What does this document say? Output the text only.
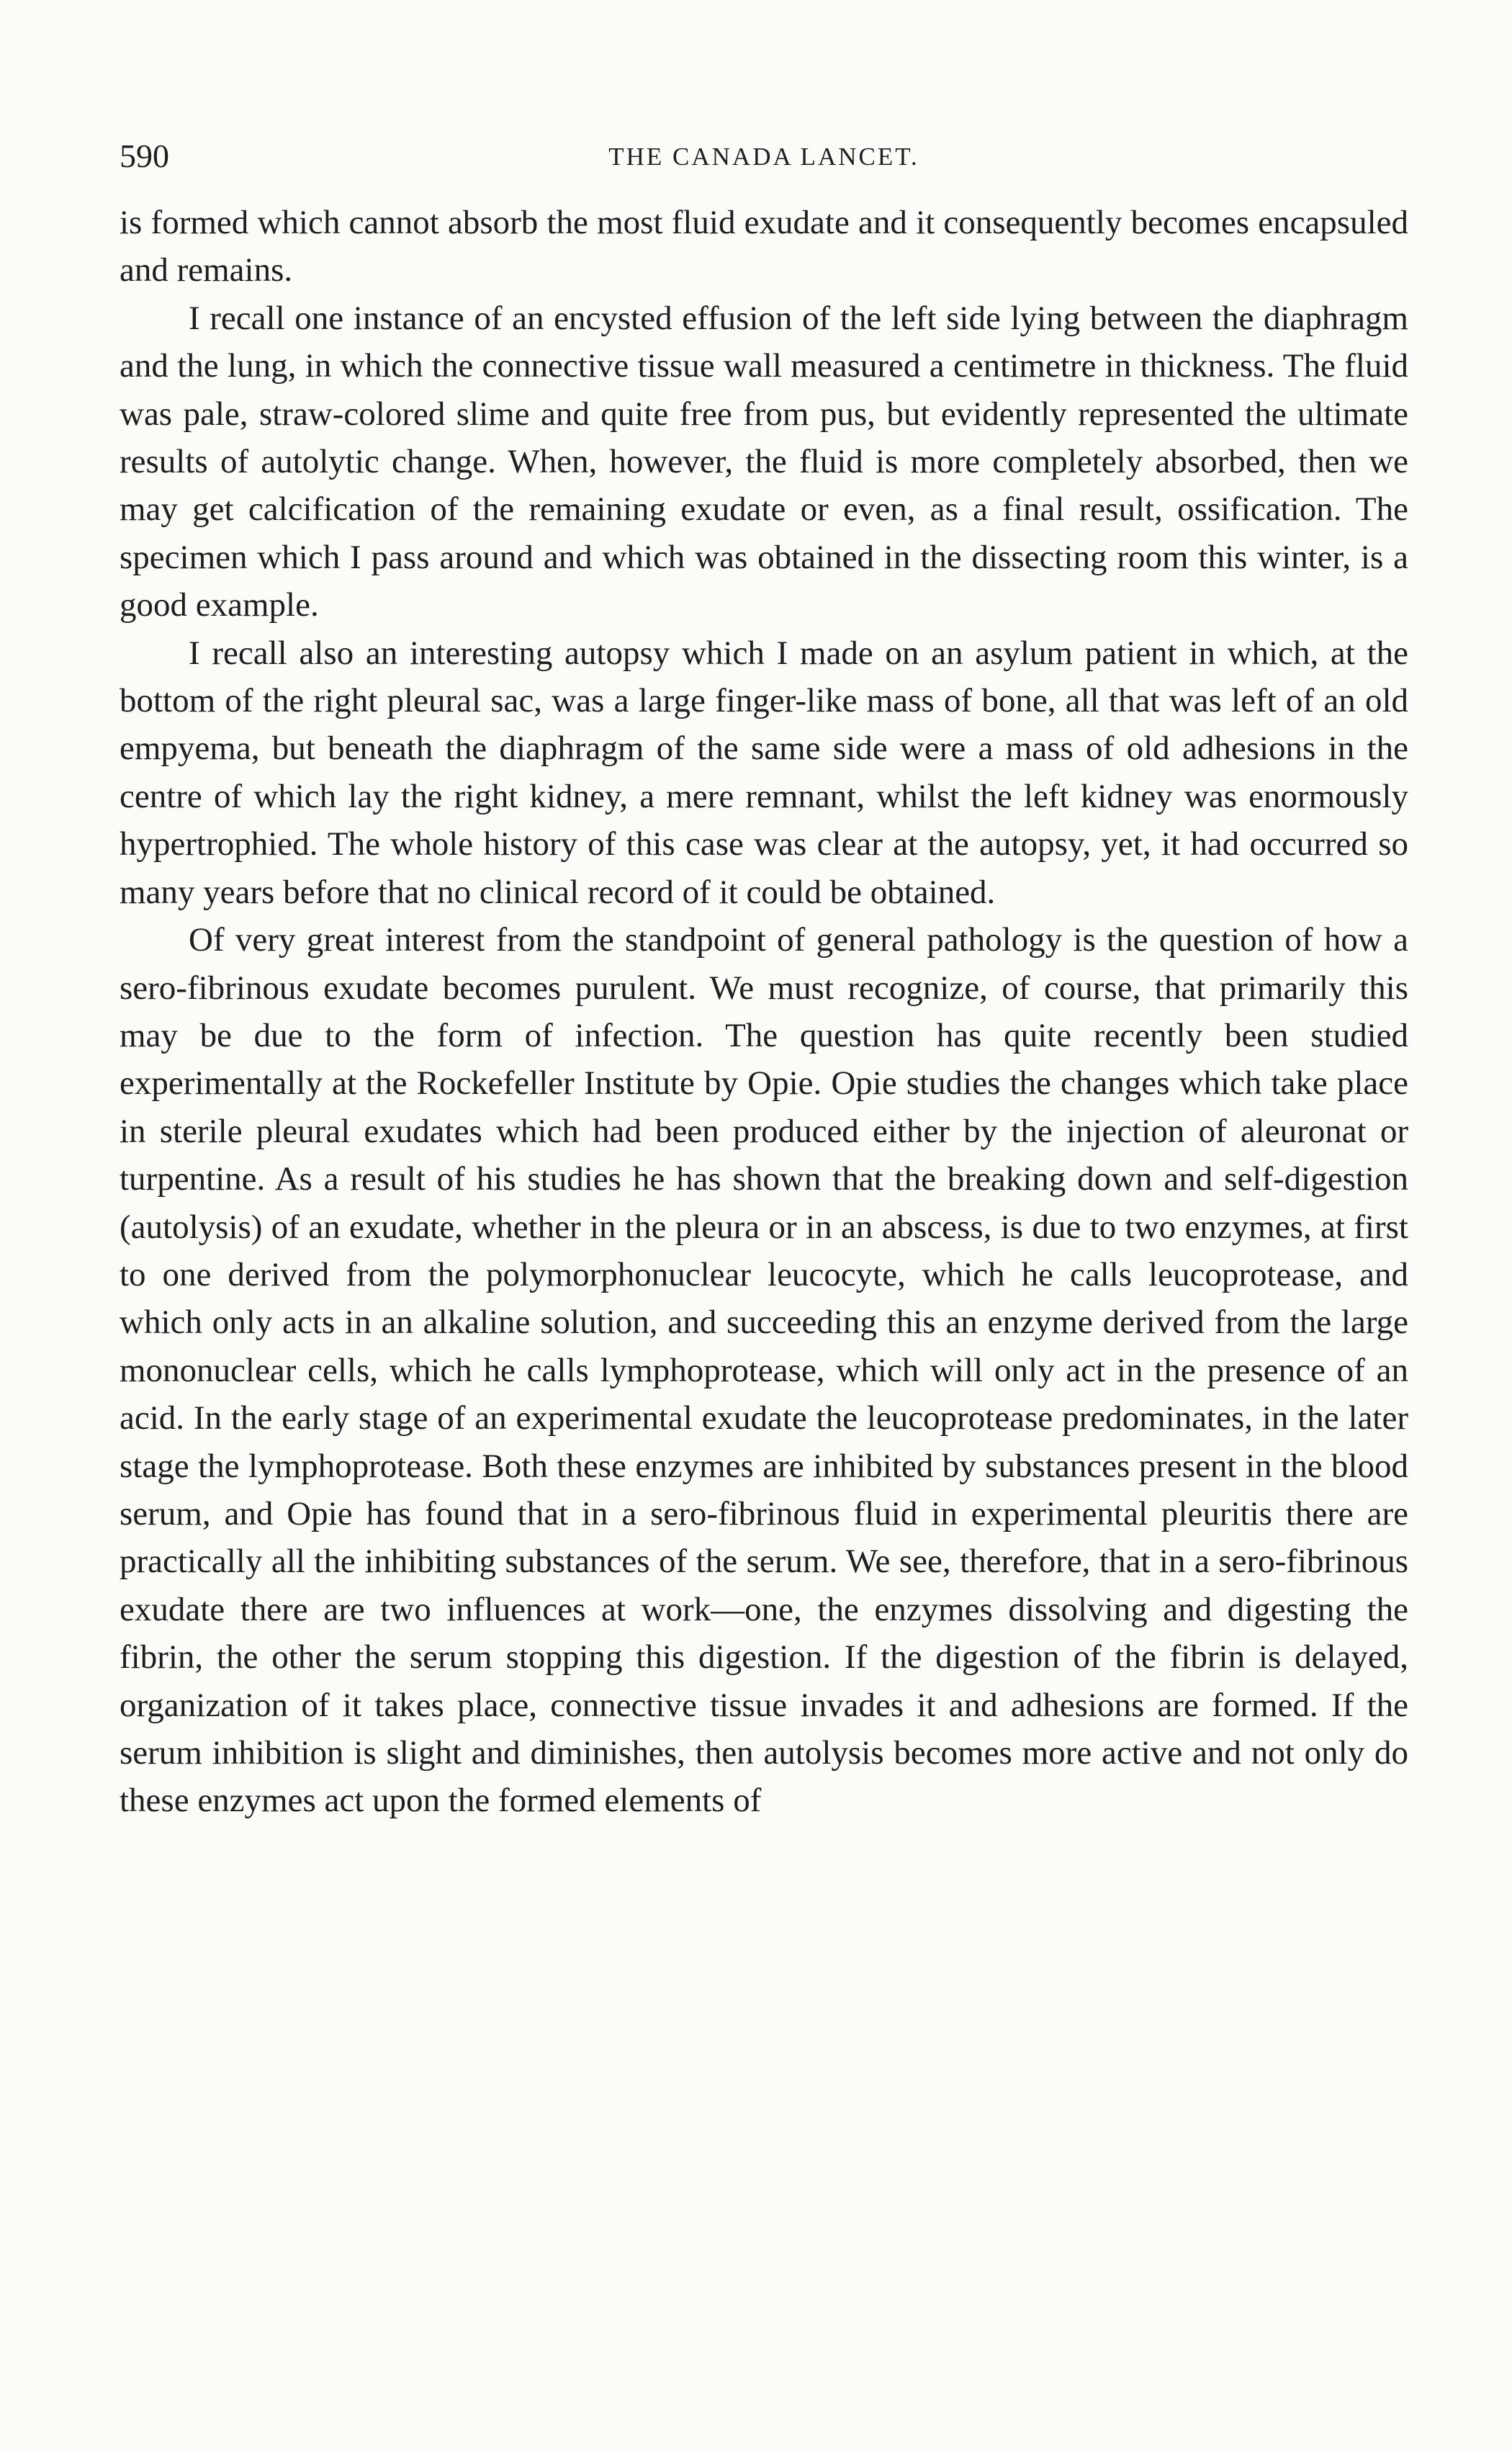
590	THE CANADA LANCET.

is formed which cannot absorb the most fluid exudate and it consequently becomes encapsuled and remains.

I recall one instance of an encysted effusion of the left side lying between the diaphragm and the lung, in which the connective tissue wall measured a centimetre in thickness. The fluid was pale, straw-colored slime and quite free from pus, but evidently represented the ultimate results of autolytic change. When, however, the fluid is more completely absorbed, then we may get calcification of the remaining exudate or even, as a final result, ossification. The specimen which I pass around and which was obtained in the dissecting room this winter, is a good example.

I recall also an interesting autopsy which I made on an asylum patient in which, at the bottom of the right pleural sac, was a large finger-like mass of bone, all that was left of an old empyema, but beneath the diaphragm of the same side were a mass of old adhesions in the centre of which lay the right kidney, a mere remnant, whilst the left kidney was enormously hypertrophied. The whole history of this case was clear at the autopsy, yet, it had occurred so many years before that no clinical record of it could be obtained.

Of very great interest from the standpoint of general pathology is the question of how a sero-fibrinous exudate becomes purulent. We must recognize, of course, that primarily this may be due to the form of infection. The question has quite recently been studied experimentally at the Rockefeller Institute by Opie. Opie studies the changes which take place in sterile pleural exudates which had been produced either by the injection of aleuronat or turpentine. As a result of his studies he has shown that the breaking down and self-digestion (autolysis) of an exudate, whether in the pleura or in an abscess, is due to two enzymes, at first to one derived from the polymorphonuclear leucocyte, which he calls leucoprotease, and which only acts in an alkaline solution, and succeeding this an enzyme derived from the large mononuclear cells, which he calls lymphoprotease, which will only act in the presence of an acid. In the early stage of an experimental exudate the leucoprotease predominates, in the later stage the lymphoprotease. Both these enzymes are inhibited by substances present in the blood serum, and Opie has found that in a sero-fibrinous fluid in experimental pleuritis there are practically all the inhibiting substances of the serum. We see, therefore, that in a sero-fibrinous exudate there are two influences at work—one, the enzymes dissolving and digesting the fibrin, the other the serum stopping this digestion. If the digestion of the fibrin is delayed, organization of it takes place, connective tissue invades it and adhesions are formed. If the serum inhibition is slight and diminishes, then autolysis becomes more active and not only do these enzymes act upon the formed elements of
